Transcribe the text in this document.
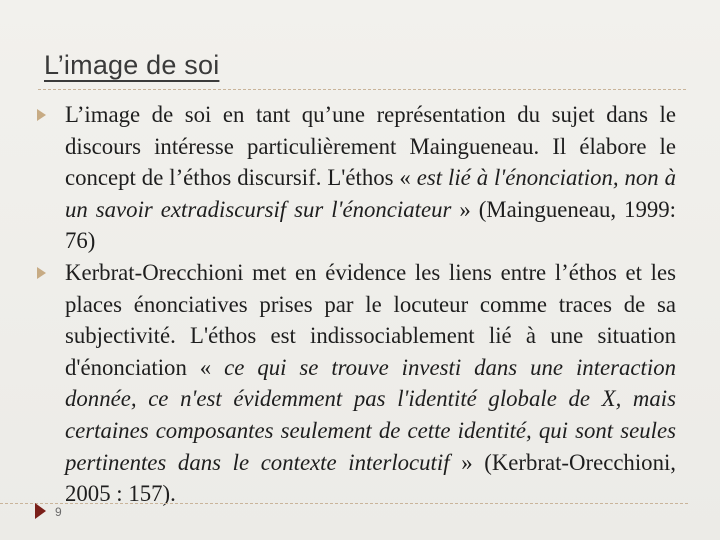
L’image de soi

L’image de soi en tant qu’une représentation du sujet dans le discours intéresse particulièrement Maingueneau. Il élabore le concept de l’éthos discursif. L'éthos « est lié à l'énonciation, non à un savoir extradiscursif sur l'énonciateur » (Maingueneau, 1999: 76)

Kerbrat-Orecchioni met en évidence les liens entre l’éthos et les places énonciatives prises par le locuteur comme traces de sa subjectivité. L'éthos est indissociablement lié à une situation d'énonciation « ce qui se trouve investi dans une interaction donnée, ce n'est évidemment pas l'identité globale de X, mais certaines composantes seulement de cette identité, qui sont seules pertinentes dans le contexte interlocutif » (Kerbrat-Orecchioni, 2005 : 157).

9
